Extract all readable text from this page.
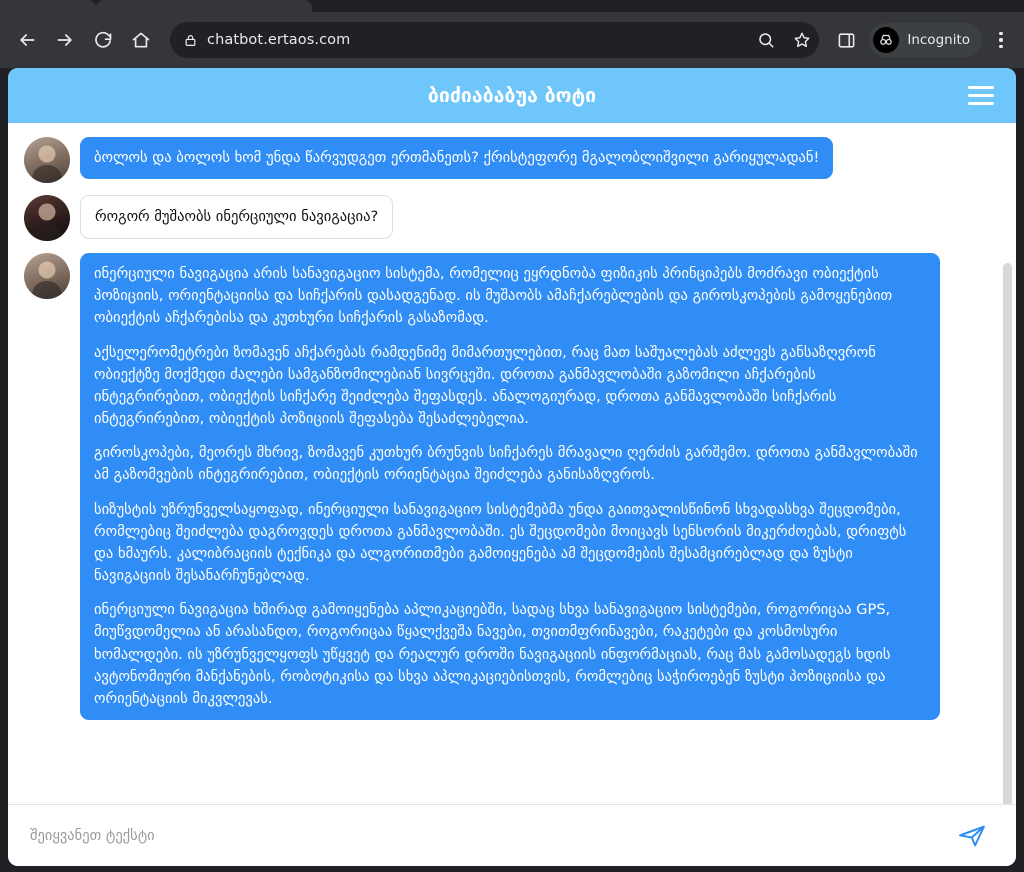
chatbot.ertaos.com	Incognito
ბიძიაბაბუა ბოტი

ბოლოს და ბოლოს ხომ უნდა წარვუდგეთ ერთმანეთს? ქრისტეფორე მგალობლიშვილი გარიყულადან!

როგორ მუშაობს ინერციული ნავიგაცია?

ინერციული ნავიგაცია არის სანავიგაციო სისტემა, რომელიც ეყრდნობა ფიზიკის პრინციპებს მოძრავი ობიექტის პოზიციის, ორიენტაციისა და სიჩქარის დასადგენად. ის მუშაობს ამაჩქარებლების და გიროსკოპების გამოყენებით ობიექტის აჩქარებისა და კუთხური სიჩქარის გასაზომად.

აქსელერომეტრები ზომავენ აჩქარებას რამდენიმე მიმართულებით, რაც მათ საშუალებას აძლევს განსაზღვრონ ობიექტზე მოქმედი ძალები სამგანზომილებიან სივრცეში. დროთა განმავლობაში გაზომილი აჩქარების ინტეგრირებით, ობიექტის სიჩქარე შეიძლება შეფასდეს. ანალოგიურად, დროთა განმავლობაში სიჩქარის ინტეგრირებით, ობიექტის პოზიციის შეფასება შესაძლებელია.

გიროსკოპები, მეორეს მხრივ, ზომავენ კუთხურ ბრუნვის სიჩქარეს მრავალი ღერძის გარშემო. დროთა განმავლობაში ამ გაზომვების ინტეგრირებით, ობიექტის ორიენტაცია შეიძლება განისაზღვროს.

სიზუსტის უზრუნველსაყოფად, ინერციული სანავიგაციო სისტემებმა უნდა გაითვალისწინონ სხვადასხვა შეცდომები, რომლებიც შეიძლება დაგროვდეს დროთა განმავლობაში. ეს შეცდომები მოიცავს სენსორის მიკერძოებას, დრიფტს და ხმაურს. კალიბრაციის ტექნიკა და ალგორითმები გამოიყენება ამ შეცდომების შესამცირებლად და ზუსტი ნავიგაციის შესანარჩუნებლად.

ინერციული ნავიგაცია ხშირად გამოიყენება აპლიკაციებში, სადაც სხვა სანავიგაციო სისტემები, როგორიცაა GPS, მიუწვდომელია ან არასანდო, როგორიცაა წყალქვეშა ნავები, თვითმფრინავები, რაკეტები და კოსმოსური ხომალდები. ის უზრუნველყოფს უწყვეტ და რეალურ დროში ნავიგაციის ინფორმაციას, რაც მას გამოსადეგს ხდის ავტონომიური მანქანების, რობოტიკისა და სხვა აპლიკაციებისთვის, რომლებიც საჭიროებენ ზუსტი პოზიციისა და ორიენტაციის მიკვლევას.

შეიყვანეთ ტექსტი
